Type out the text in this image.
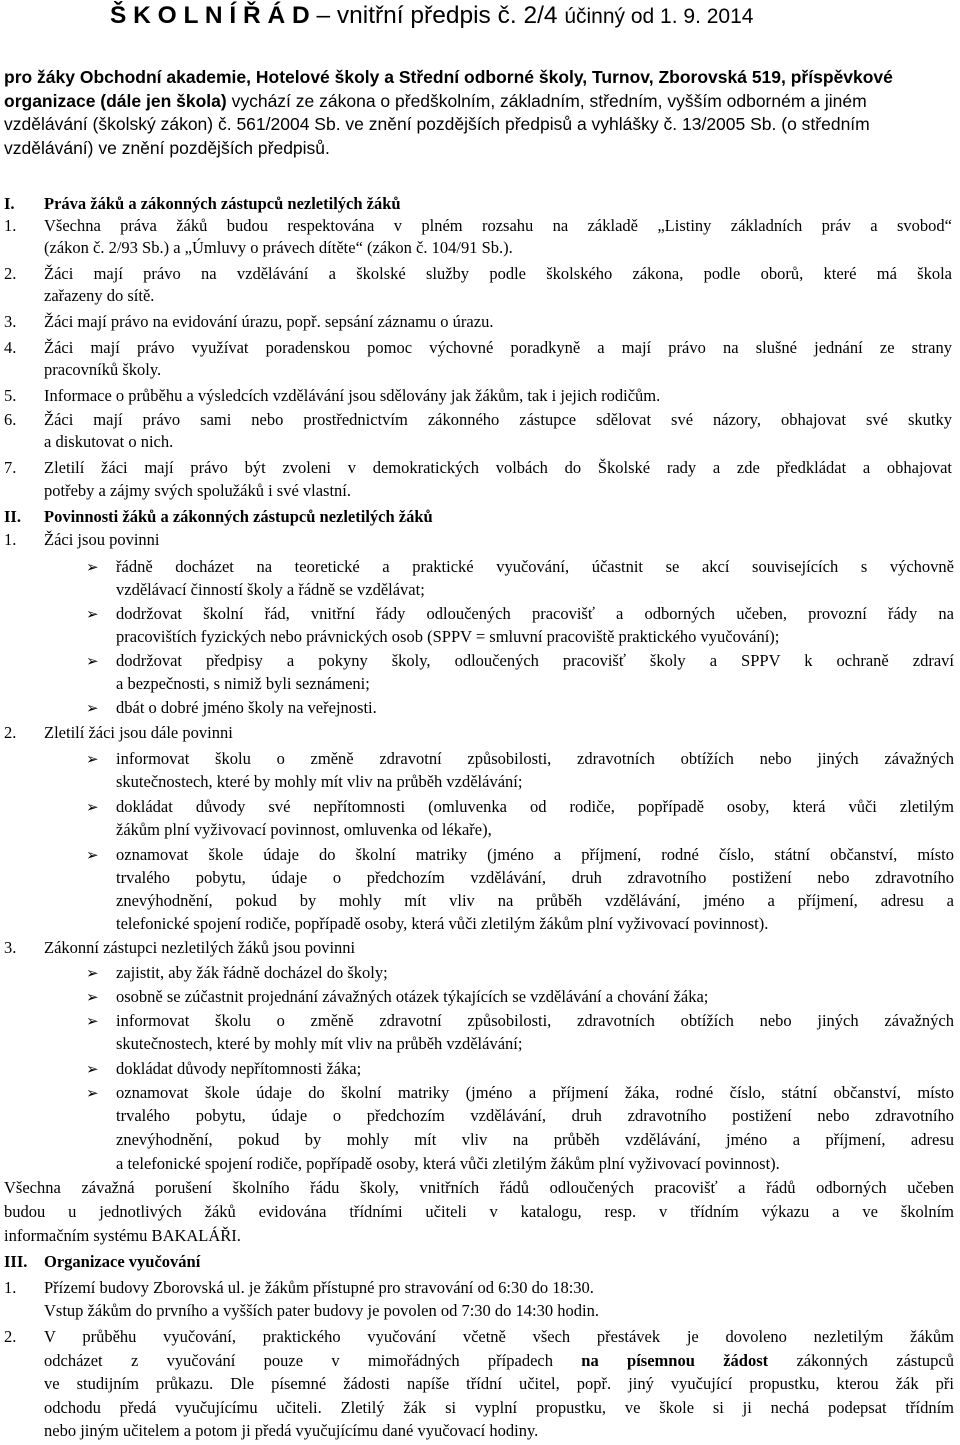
Š K O L N Í Ř Á D – vnitřní předpis č. 2/4 účinný od 1. 9. 2014

pro žáky Obchodní akademie, Hotelové školy a Střední odborné školy, Turnov, Zborovská 519, příspěvkové organizace (dále jen škola) vychází ze zákona o předškolním, základním, středním, vyšším odborném a jiném vzdělávání (školský zákon) č. 561/2004 Sb. ve znění pozdějších předpisů a vyhlášky č. 13/2005 Sb. (o středním vzdělávání) ve znění pozdějších předpisů.

I. Práva žáků a zákonných zástupců nezletilých žáků
1. Všechna práva žáků budou respektována v plném rozsahu na základě „Listiny základních práv a svobod“
(zákon č. 2/93 Sb.) a „Úmluvy o právech dítěte“ (zákon č. 104/91 Sb.).
2. Žáci mají právo na vzdělávání a školské služby podle školského zákona, podle oborů, které má škola
zařazeny do sítě.
3. Žáci mají právo na evidování úrazu, popř. sepsání záznamu o úrazu.
4. Žáci mají právo využívat poradenskou pomoc výchovné poradkyně a mají právo na slušné jednání ze strany
pracovníků školy.
5. Informace o průběhu a výsledcích vzdělávání jsou sdělovány jak žákům, tak i jejich rodičům.
6. Žáci mají právo sami nebo prostřednictvím zákonného zástupce sdělovat své názory, obhajovat své skutky
a diskutovat o nich.
7. Zletilí žáci mají právo být zvoleni v demokratických volbách do Školské rady a zde předkládat a obhajovat
potřeby a zájmy svých spolužáků i své vlastní.
II. Povinnosti žáků a zákonných zástupců nezletilých žáků
1. Žáci jsou povinni
➢ řádně docházet na teoretické a praktické vyučování, účastnit se akcí souvisejících s výchovně
vzdělávací činností školy a řádně se vzdělávat;
➢ dodržovat školní řád, vnitřní řády odloučených pracovišť a odborných učeben, provozní řády na
pracovištích fyzických nebo právnických osob (SPPV = smluvní pracoviště praktického vyučování);
➢ dodržovat předpisy a pokyny školy, odloučených pracovišť školy a SPPV k ochraně zdraví
a bezpečnosti, s nimiž byli seznámeni;
➢ dbát o dobré jméno školy na veřejnosti.
2. Zletilí žáci jsou dále povinni
➢ informovat školu o změně zdravotní způsobilosti, zdravotních obtížích nebo jiných závažných
skutečnostech, které by mohly mít vliv na průběh vzdělávání;
➢ dokládat důvody své nepřítomnosti (omluvenka od rodiče, popřípadě osoby, která vůči zletilým
žákům plní vyživovací povinnost, omluvenka od lékaře),
➢ oznamovat škole údaje do školní matriky (jméno a příjmení, rodné číslo, státní občanství, místo
trvalého pobytu, údaje o předchozím vzdělávání, druh zdravotního postižení nebo zdravotního
znevýhodnění, pokud by mohly mít vliv na průběh vzdělávání, jméno a příjmení, adresu a
telefonické spojení rodiče, popřípadě osoby, která vůči zletilým žákům plní vyživovací povinnost).
3. Zákonní zástupci nezletilých žáků jsou povinni
➢ zajistit, aby žák řádně docházel do školy;
➢ osobně se zúčastnit projednání závažných otázek týkajících se vzdělávání a chování žáka;
➢ informovat školu o změně zdravotní způsobilosti, zdravotních obtížích nebo jiných závažných
skutečnostech, které by mohly mít vliv na průběh vzdělávání;
➢ dokládat důvody nepřítomnosti žáka;
➢ oznamovat škole údaje do školní matriky (jméno a příjmení žáka, rodné číslo, státní občanství, místo
trvalého pobytu, údaje o předchozím vzdělávání, druh zdravotního postižení nebo zdravotního
znevýhodnění, pokud by mohly mít vliv na průběh vzdělávání, jméno a příjmení, adresu
a telefonické spojení rodiče, popřípadě osoby, která vůči zletilým žákům plní vyživovací povinnost).
Všechna závažná porušení školního řádu školy, vnitřních řádů odloučených pracovišť a řádů odborných učeben
budou u jednotlivých žáků evidována třídními učiteli v katalogu, resp. v třídním výkazu a ve školním
informačním systému BAKALÁŘI.
III. Organizace vyučování
1. Přízemí budovy Zborovská ul. je žákům přístupné pro stravování od 6:30 do 18:30.
Vstup žákům do prvního a vyšších pater budovy je povolen od 7:30 do 14:30 hodin.
2. V průběhu vyučování, praktického vyučování včetně všech přestávek je dovoleno nezletilým žákům
odcházet z vyučování pouze v mimořádných případech na písemnou žádost zákonných zástupců
ve studijním průkazu. Dle písemné žádosti napíše třídní učitel, popř. jiný vyučující propustku, kterou žák při
odchodu předá vyučujícímu učiteli. Zletilý žák si vyplní propustku, ve škole si ji nechá podepsat třídním
nebo jiným učitelem a potom ji předá vyučujícímu dané vyučovací hodiny.
